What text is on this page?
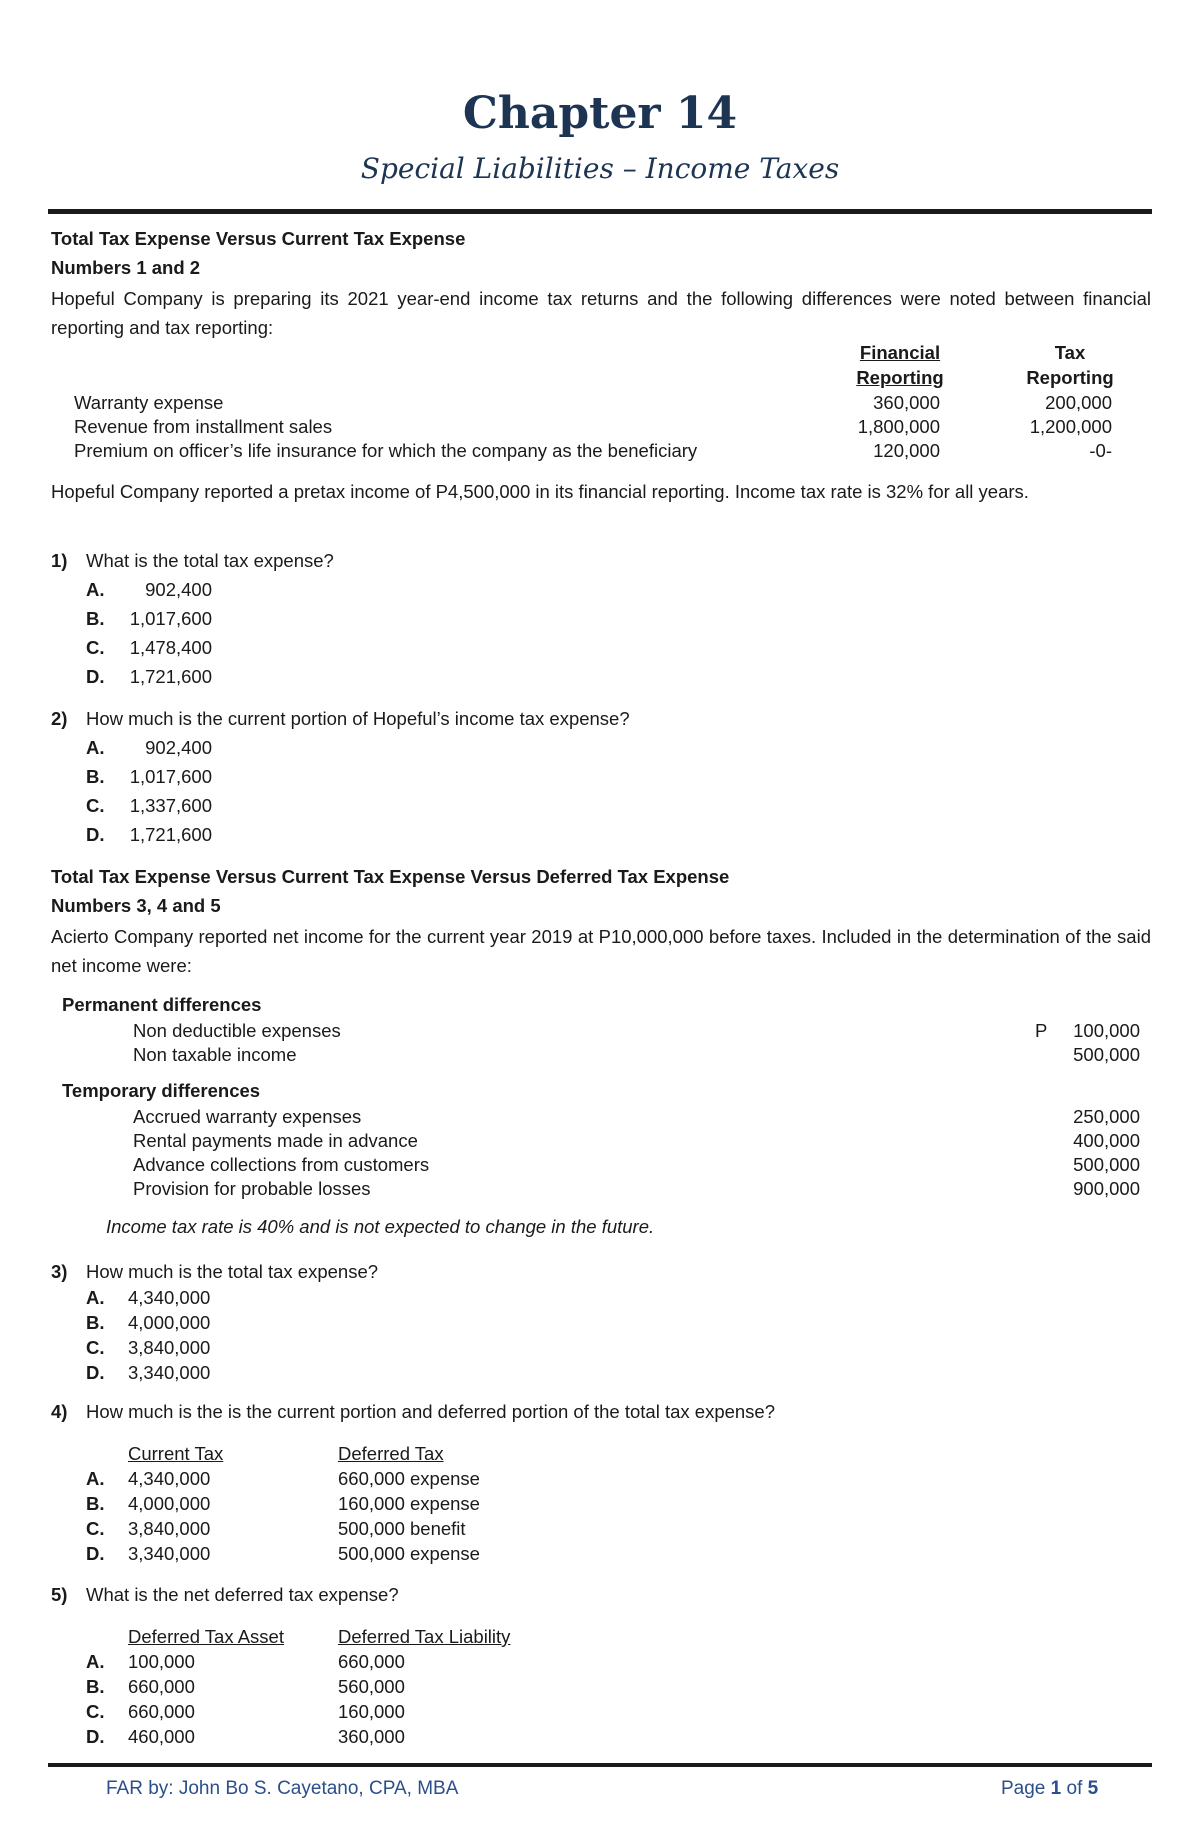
Chapter 14
Special Liabilities – Income Taxes
Total Tax Expense Versus Current Tax Expense
Numbers 1 and 2
Hopeful Company is preparing its 2021 year-end income tax returns and the following differences were noted between financial reporting and tax reporting:
Financial
Reporting
Tax
Reporting
Warranty expense	360,000	200,000
Revenue from installment sales	1,800,000	1,200,000
Premium on officer’s life insurance for which the company as the beneficiary	120,000	-0-
Hopeful Company reported a pretax income of P4,500,000 in its financial reporting. Income tax rate is 32% for all years.
1) What is the total tax expense?
A.	902,400
B.	1,017,600
C.	1,478,400
D.	1,721,600
2) How much is the current portion of Hopeful’s income tax expense?
A.	902,400
B.	1,017,600
C.	1,337,600
D.	1,721,600
Total Tax Expense Versus Current Tax Expense Versus Deferred Tax Expense
Numbers 3, 4 and 5
Acierto Company reported net income for the current year 2019 at P10,000,000 before taxes. Included in the determination of the said net income were:
Permanent differences
Non deductible expenses	P	100,000
Non taxable income	500,000
Temporary differences
Accrued warranty expenses	250,000
Rental payments made in advance	400,000
Advance collections from customers	500,000
Provision for probable losses	900,000
Income tax rate is 40% and is not expected to change in the future.
3) How much is the total tax expense?
A. 4,340,000
B. 4,000,000
C. 3,840,000
D. 3,340,000
4) How much is the is the current portion and deferred portion of the total tax expense?
Current Tax	Deferred Tax
A. 4,340,000	660,000 expense
B. 4,000,000	160,000 expense
C. 3,840,000	500,000 benefit
D. 3,340,000	500,000 expense
5) What is the net deferred tax expense?
Deferred Tax Asset	Deferred Tax Liability
A. 100,000	660,000
B. 660,000	560,000
C. 660,000	160,000
D. 460,000	360,000
FAR by: John Bo S. Cayetano, CPA, MBA	Page 1 of 5
